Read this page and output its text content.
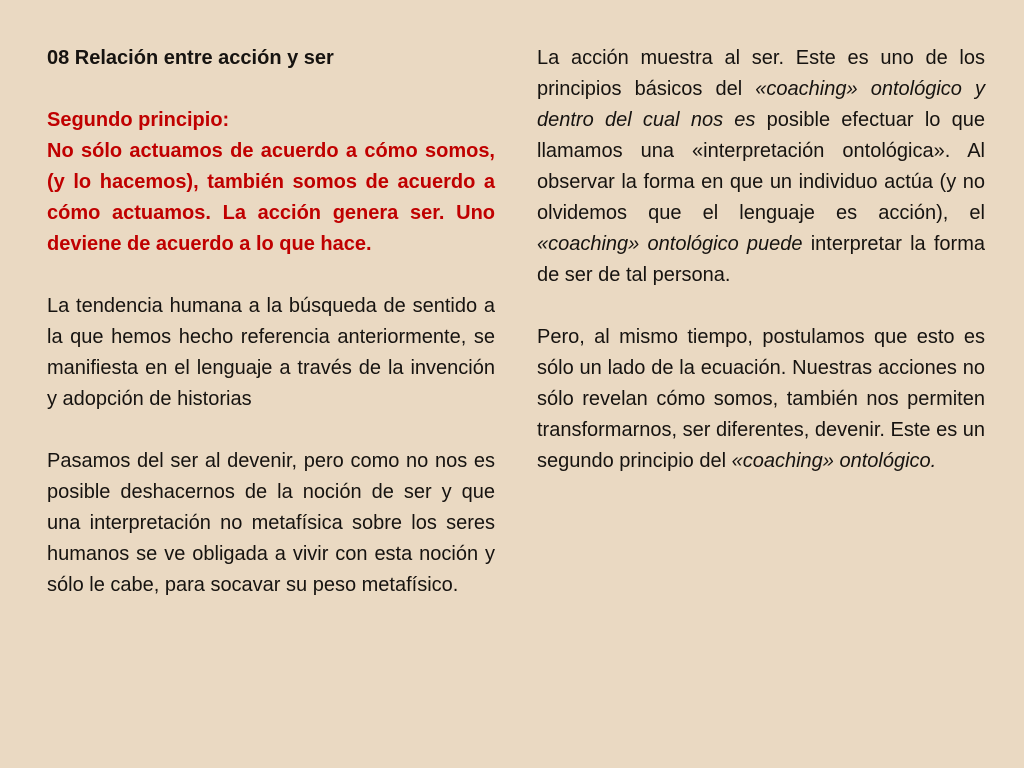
08 Relación entre acción y ser

Segundo principio:

No sólo actuamos de acuerdo a cómo somos, (y lo hacemos), también somos de acuerdo a cómo actuamos. La acción genera ser. Uno deviene de acuerdo a lo que hace.

La tendencia humana a la búsqueda de sentido a la que hemos hecho referencia anteriormente, se manifiesta en el lenguaje a través de la invención y adopción de historias

Pasamos del ser al devenir, pero como no nos es posible deshacernos de la noción de ser y que una interpretación no metafísica sobre los seres humanos se ve obligada a vivir con esta noción y sólo le cabe, para socavar su peso metafísico.

La acción muestra al ser. Este es uno de los principios básicos del «coaching» ontológico y dentro del cual nos es posible efectuar lo que llamamos una «interpretación ontológica». Al observar la forma en que un individuo actúa (y no olvidemos que el lenguaje es acción), el «coaching» ontológico puede interpretar la forma de ser de tal persona.

Pero, al mismo tiempo, postulamos que esto es sólo un lado de la ecuación. Nuestras acciones no sólo revelan cómo somos, también nos permiten transformarnos, ser diferentes, devenir. Este es un segundo principio del «coaching» ontológico.
